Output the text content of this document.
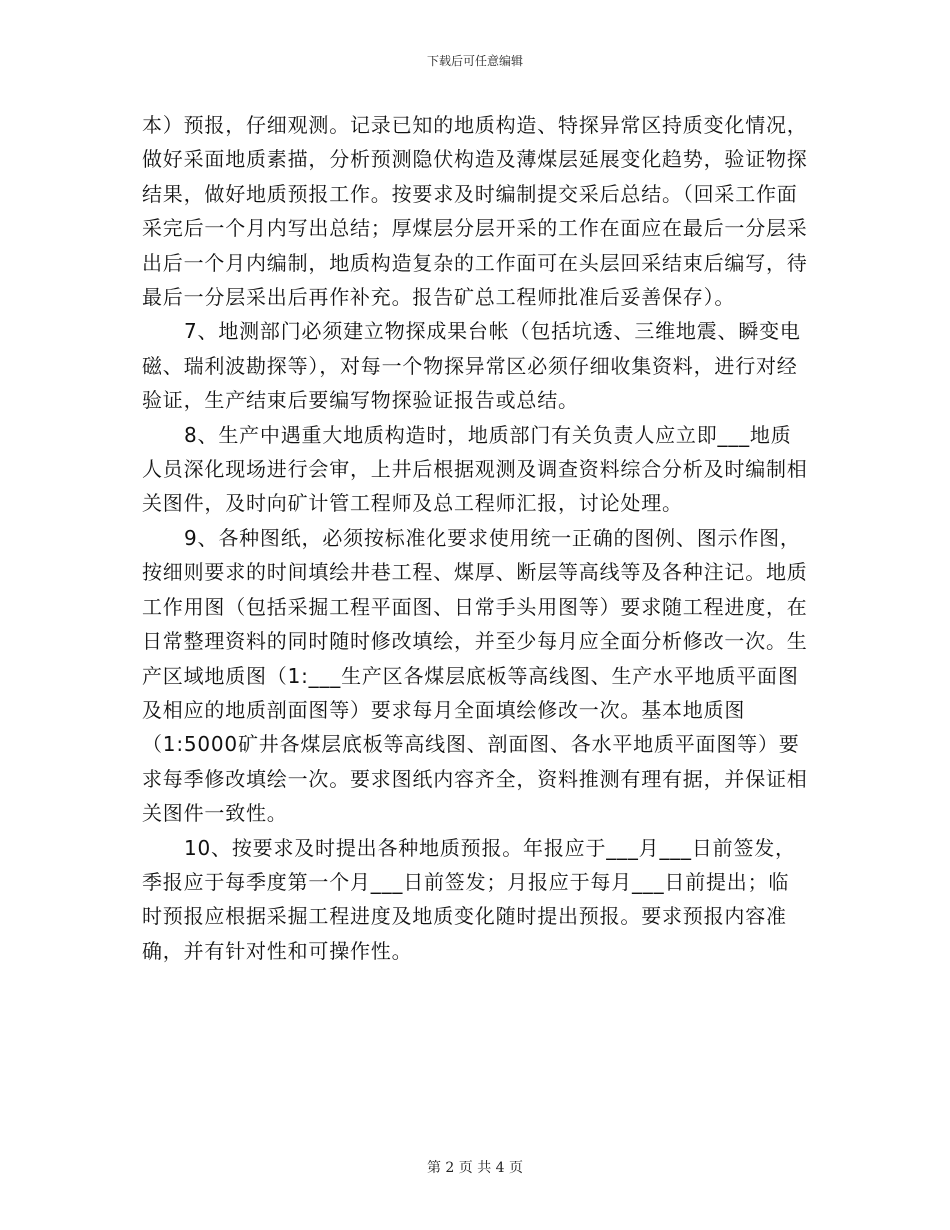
下载后可任意编辑

本）预报，仔细观测。记录已知的地质构造、特探异常区持质变化情况，做好采面地质素描，分析预测隐伏构造及薄煤层延展变化趋势，验证物探结果，做好地质预报工作。按要求及时编制提交采后总结。（回采工作面采完后一个月内写出总结；厚煤层分层开采的工作在面应在最后一分层采出后一个月内编制，地质构造复杂的工作面可在头层回采结束后编写，待最后一分层采出后再作补充。报告矿总工程师批准后妥善保存）。

7、地测部门必须建立物探成果台帐（包括坑透、三维地震、瞬变电磁、瑞利波勘探等），对每一个物探异常区必须仔细收集资料，进行对经验证，生产结束后要编写物探验证报告或总结。

8、生产中遇重大地质构造时，地质部门有关负责人应立即___地质人员深化现场进行会审，上井后根据观测及调查资料综合分析及时编制相关图件，及时向矿计管工程师及总工程师汇报，讨论处理。

9、各种图纸，必须按标准化要求使用统一正确的图例、图示作图，按细则要求的时间填绘井巷工程、煤厚、断层等高线等及各种注记。地质工作用图（包括采掘工程平面图、日常手头用图等）要求随工程进度，在日常整理资料的同时随时修改填绘，并至少每月应全面分析修改一次。生产区域地质图（1:___生产区各煤层底板等高线图、生产水平地质平面图及相应的地质剖面图等）要求每月全面填绘修改一次。基本地质图（1:5000矿井各煤层底板等高线图、剖面图、各水平地质平面图等）要求每季修改填绘一次。要求图纸内容齐全，资料推测有理有据，并保证相关图件一致性。

10、按要求及时提出各种地质预报。年报应于___月___日前签发，季报应于每季度第一个月___日前签发；月报应于每月___日前提出；临时预报应根据采掘工程进度及地质变化随时提出预报。要求预报内容准确，并有针对性和可操作性。

第 2 页 共 4 页
